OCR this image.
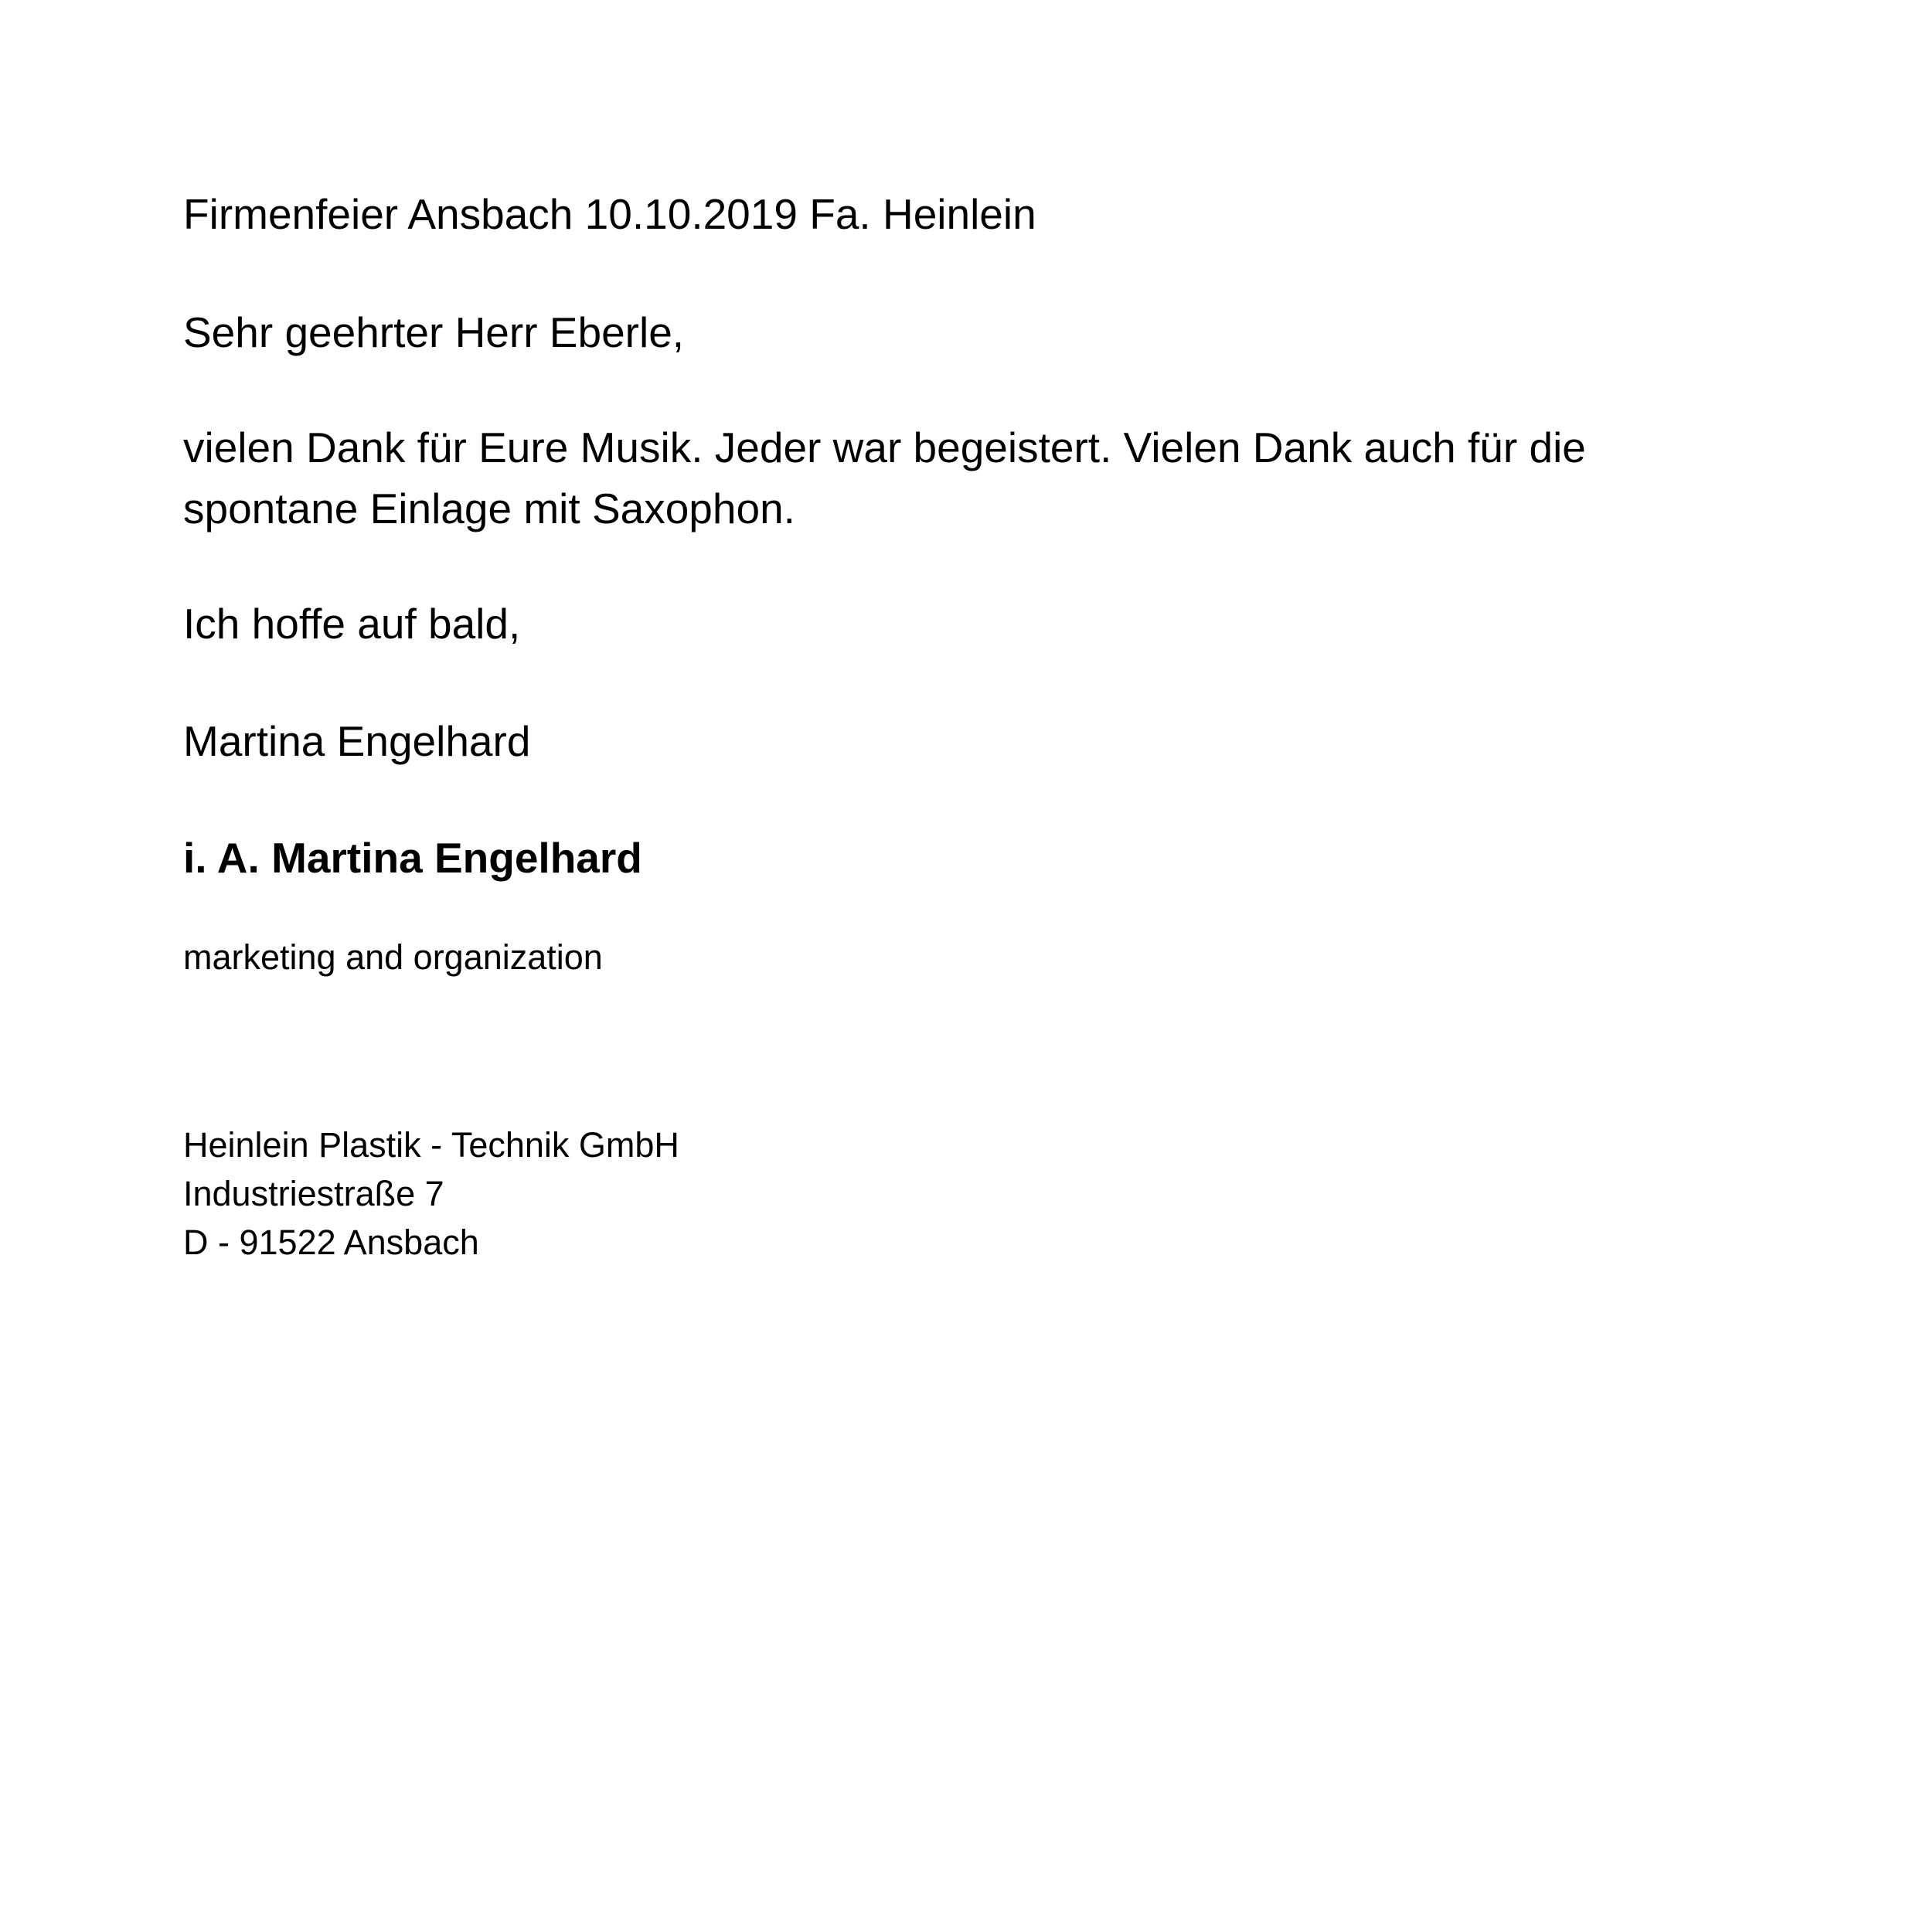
Firmenfeier Ansbach 10.10.2019 Fa. Heinlein

Sehr geehrter Herr Eberle,

vielen Dank für Eure Musik. Jeder war begeistert. Vielen Dank auch für die

spontane Einlage mit Saxophon.

Ich hoffe auf bald,

Martina Engelhard

i. A. Martina Engelhard

marketing and organization

Heinlein Plastik - Technik GmbH

Industriestraße 7

D - 91522 Ansbach
